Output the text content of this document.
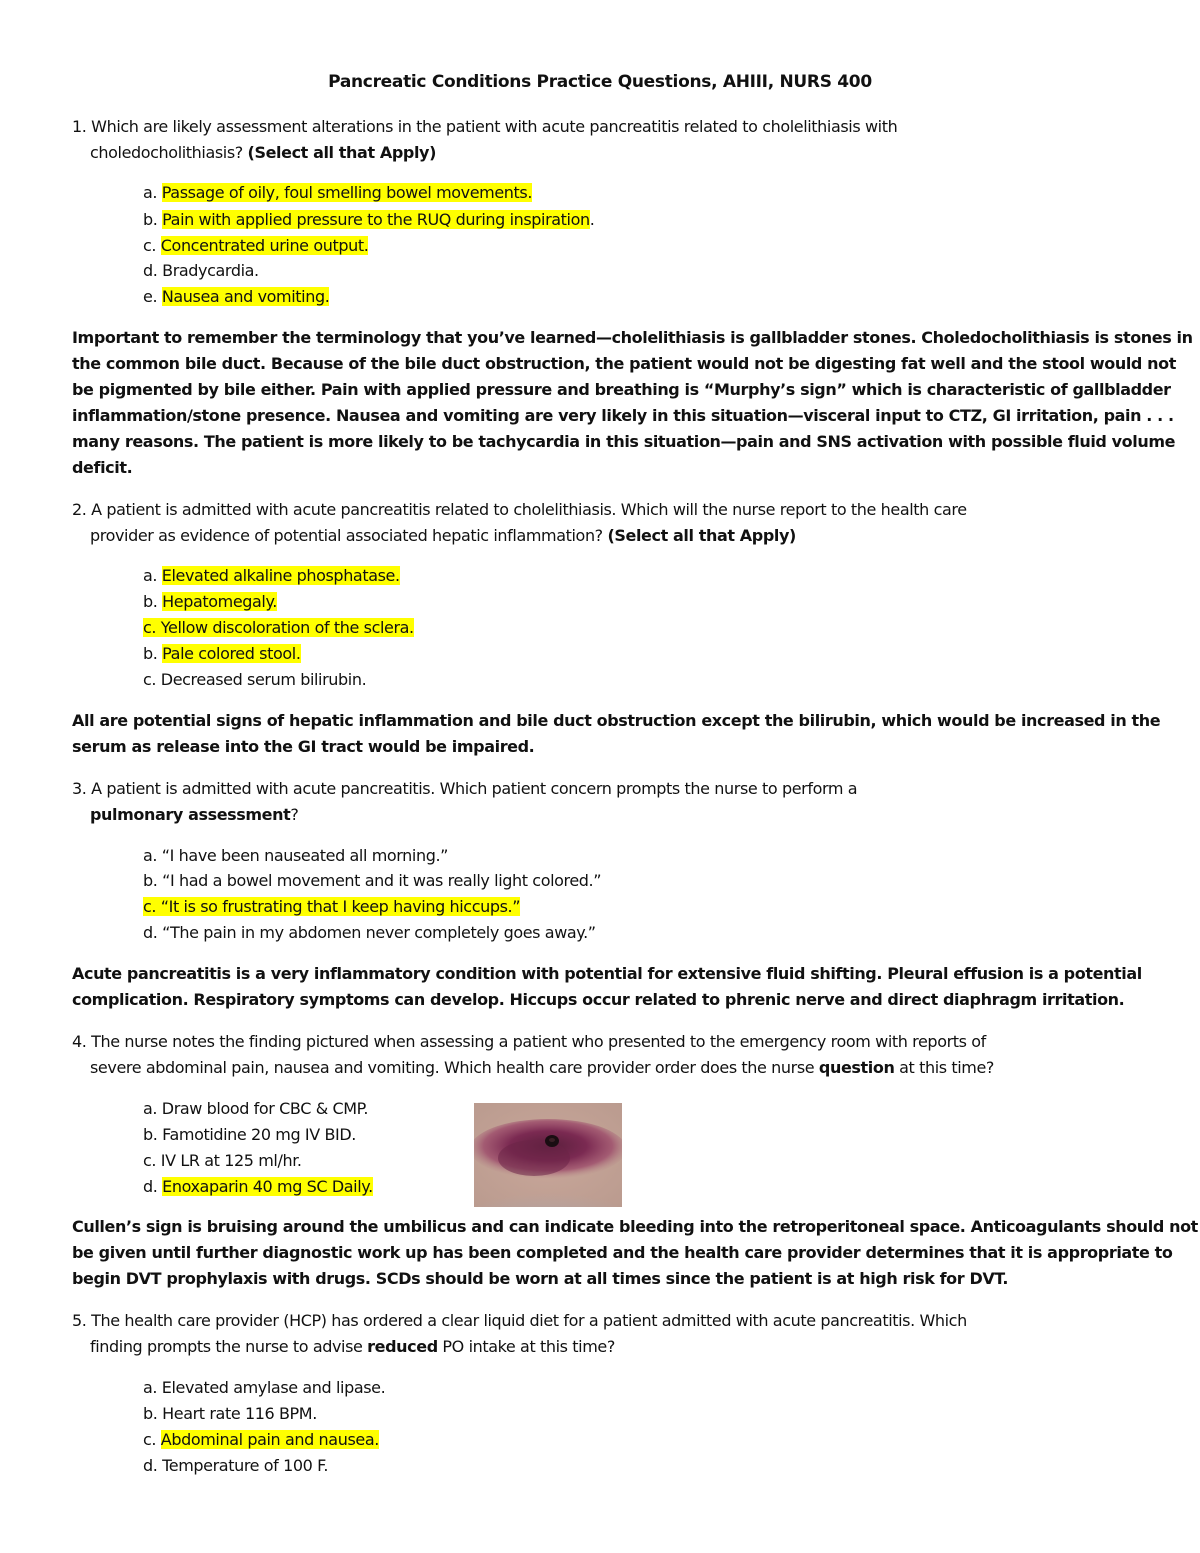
Pancreatic Conditions Practice Questions, AHIII, NURS 400
1. Which are likely assessment alterations in the patient with acute pancreatitis related to cholelithiasis with
choledocholithiasis? (Select all that Apply)
a. Passage of oily, foul smelling bowel movements.
b. Pain with applied pressure to the RUQ during inspiration.
c. Concentrated urine output.
d. Bradycardia.
e. Nausea and vomiting.
Important to remember the terminology that you’ve learned—cholelithiasis is gallbladder stones. Choledocholithiasis is stones in
the common bile duct. Because of the bile duct obstruction, the patient would not be digesting fat well and the stool would not
be pigmented by bile either. Pain with applied pressure and breathing is “Murphy’s sign” which is characteristic of gallbladder
inflammation/stone presence. Nausea and vomiting are very likely in this situation—visceral input to CTZ, GI irritation, pain . . .
many reasons. The patient is more likely to be tachycardia in this situation—pain and SNS activation with possible fluid volume
deficit.
2. A patient is admitted with acute pancreatitis related to cholelithiasis. Which will the nurse report to the health care
provider as evidence of potential associated hepatic inflammation? (Select all that Apply)
a. Elevated alkaline phosphatase.
b. Hepatomegaly.
c. Yellow discoloration of the sclera.
b. Pale colored stool.
c. Decreased serum bilirubin.
All are potential signs of hepatic inflammation and bile duct obstruction except the bilirubin, which would be increased in the
serum as release into the GI tract would be impaired.
3. A patient is admitted with acute pancreatitis. Which patient concern prompts the nurse to perform a
pulmonary assessment?
a. “I have been nauseated all morning.”
b. “I had a bowel movement and it was really light colored.”
c. “It is so frustrating that I keep having hiccups.”
d. “The pain in my abdomen never completely goes away.”
Acute pancreatitis is a very inflammatory condition with potential for extensive fluid shifting. Pleural effusion is a potential
complication. Respiratory symptoms can develop. Hiccups occur related to phrenic nerve and direct diaphragm irritation.
4. The nurse notes the finding pictured when assessing a patient who presented to the emergency room with reports of
severe abdominal pain, nausea and vomiting. Which health care provider order does the nurse question at this time?
a. Draw blood for CBC & CMP.
b. Famotidine 20 mg IV BID.
c. IV LR at 125 ml/hr.
d. Enoxaparin 40 mg SC Daily.
Cullen’s sign is bruising around the umbilicus and can indicate bleeding into the retroperitoneal space. Anticoagulants should not
be given until further diagnostic work up has been completed and the health care provider determines that it is appropriate to
begin DVT prophylaxis with drugs. SCDs should be worn at all times since the patient is at high risk for DVT.
5. The health care provider (HCP) has ordered a clear liquid diet for a patient admitted with acute pancreatitis. Which
finding prompts the nurse to advise reduced PO intake at this time?
a. Elevated amylase and lipase.
b. Heart rate 116 BPM.
c. Abdominal pain and nausea.
d. Temperature of 100 F.
